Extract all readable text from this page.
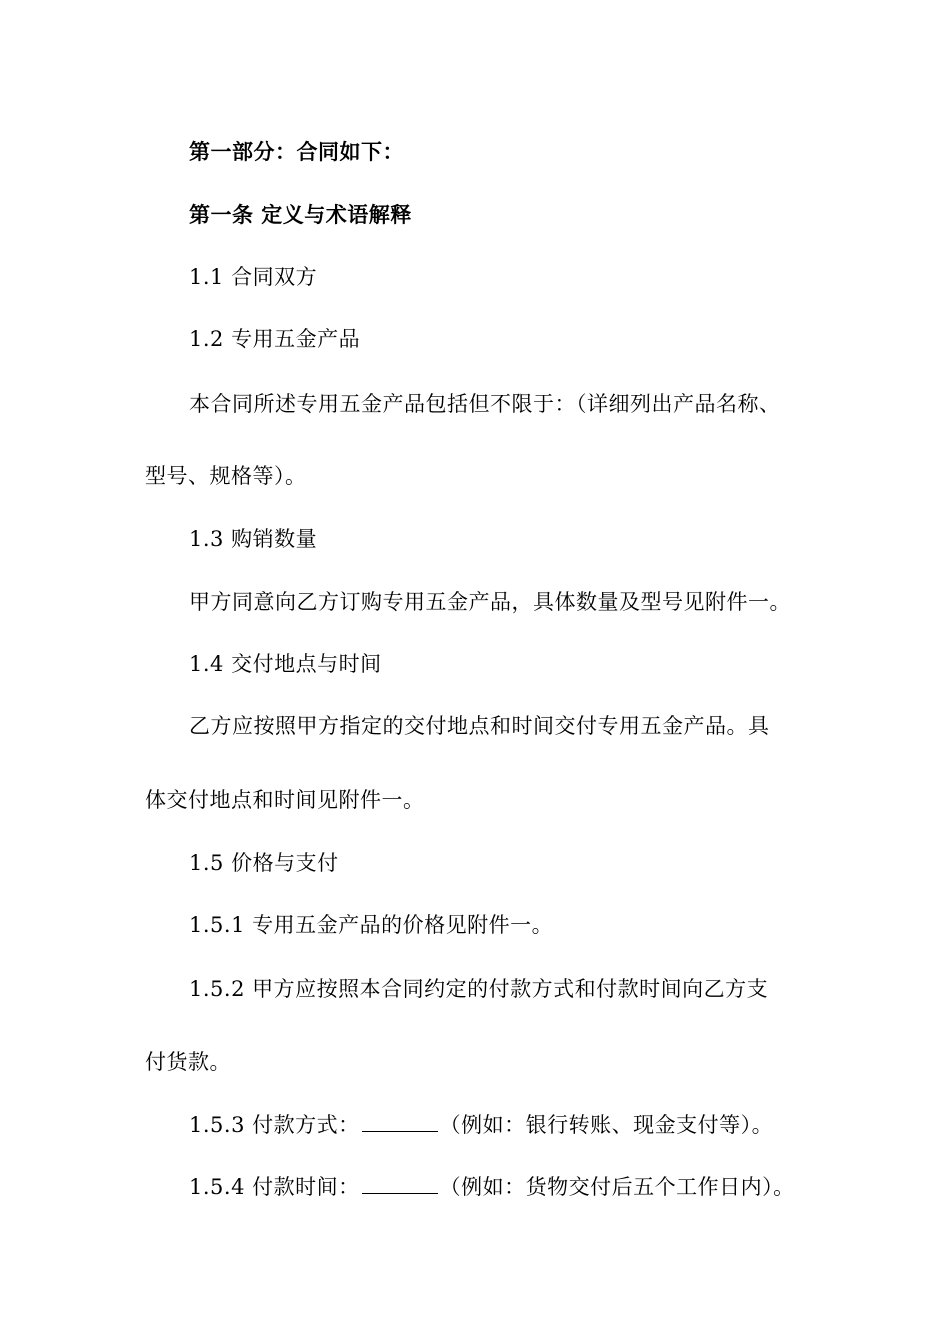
第一部分：合同如下：
第一条 定义与术语解释
1.1 合同双方
1.2 专用五金产品
本合同所述专用五金产品包括但不限于：（详细列出产品名称、
型号、规格等）。
1.3 购销数量
甲方同意向乙方订购专用五金产品，具体数量及型号见附件一。
1.4 交付地点与时间
乙方应按照甲方指定的交付地点和时间交付专用五金产品。具
体交付地点和时间见附件一。
1.5 价格与支付
1.5.1 专用五金产品的价格见附件一。
1.5.2 甲方应按照本合同约定的付款方式和付款时间向乙方支
付货款。
1.5.3 付款方式：	（例如：银行转账、现金支付等）。
1.5.4 付款时间：	（例如：货物交付后五个工作日内）。
